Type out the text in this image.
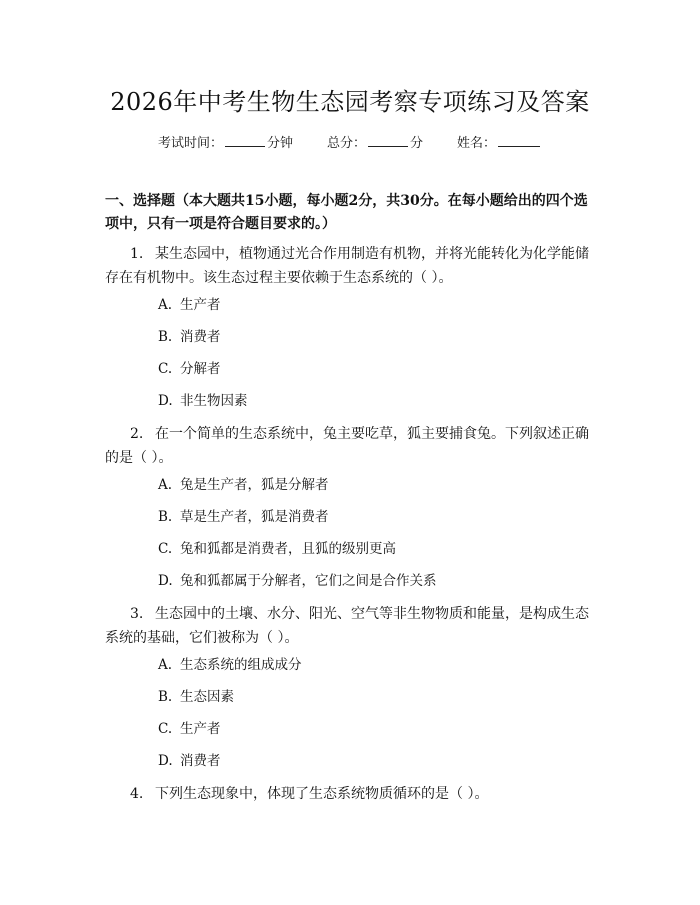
2026年中考生物生态园考察专项练习及答案
考试时间：	分钟	总分：	分	姓名：
一、选择题（本大题共15小题，每小题2分，共30分。在每小题给出的四个选项中，只有一项是符合题目要求的。）
1. 某生态园中，植物通过光合作用制造有机物，并将光能转化为化学能储存在有机物中。该生态过程主要依赖于生态系统的（ ）。
A. 生产者
B. 消费者
C. 分解者
D. 非生物因素
2. 在一个简单的生态系统中，兔主要吃草，狐主要捕食兔。下列叙述正确的是（ ）。
A. 兔是生产者，狐是分解者
B. 草是生产者，狐是消费者
C. 兔和狐都是消费者，且狐的级别更高
D. 兔和狐都属于分解者，它们之间是合作关系
3. 生态园中的土壤、水分、阳光、空气等非生物物质和能量，是构成生态系统的基础，它们被称为（ ）。
A. 生态系统的组成成分
B. 生态因素
C. 生产者
D. 消费者
4. 下列生态现象中，体现了生态系统物质循环的是（ ）。
